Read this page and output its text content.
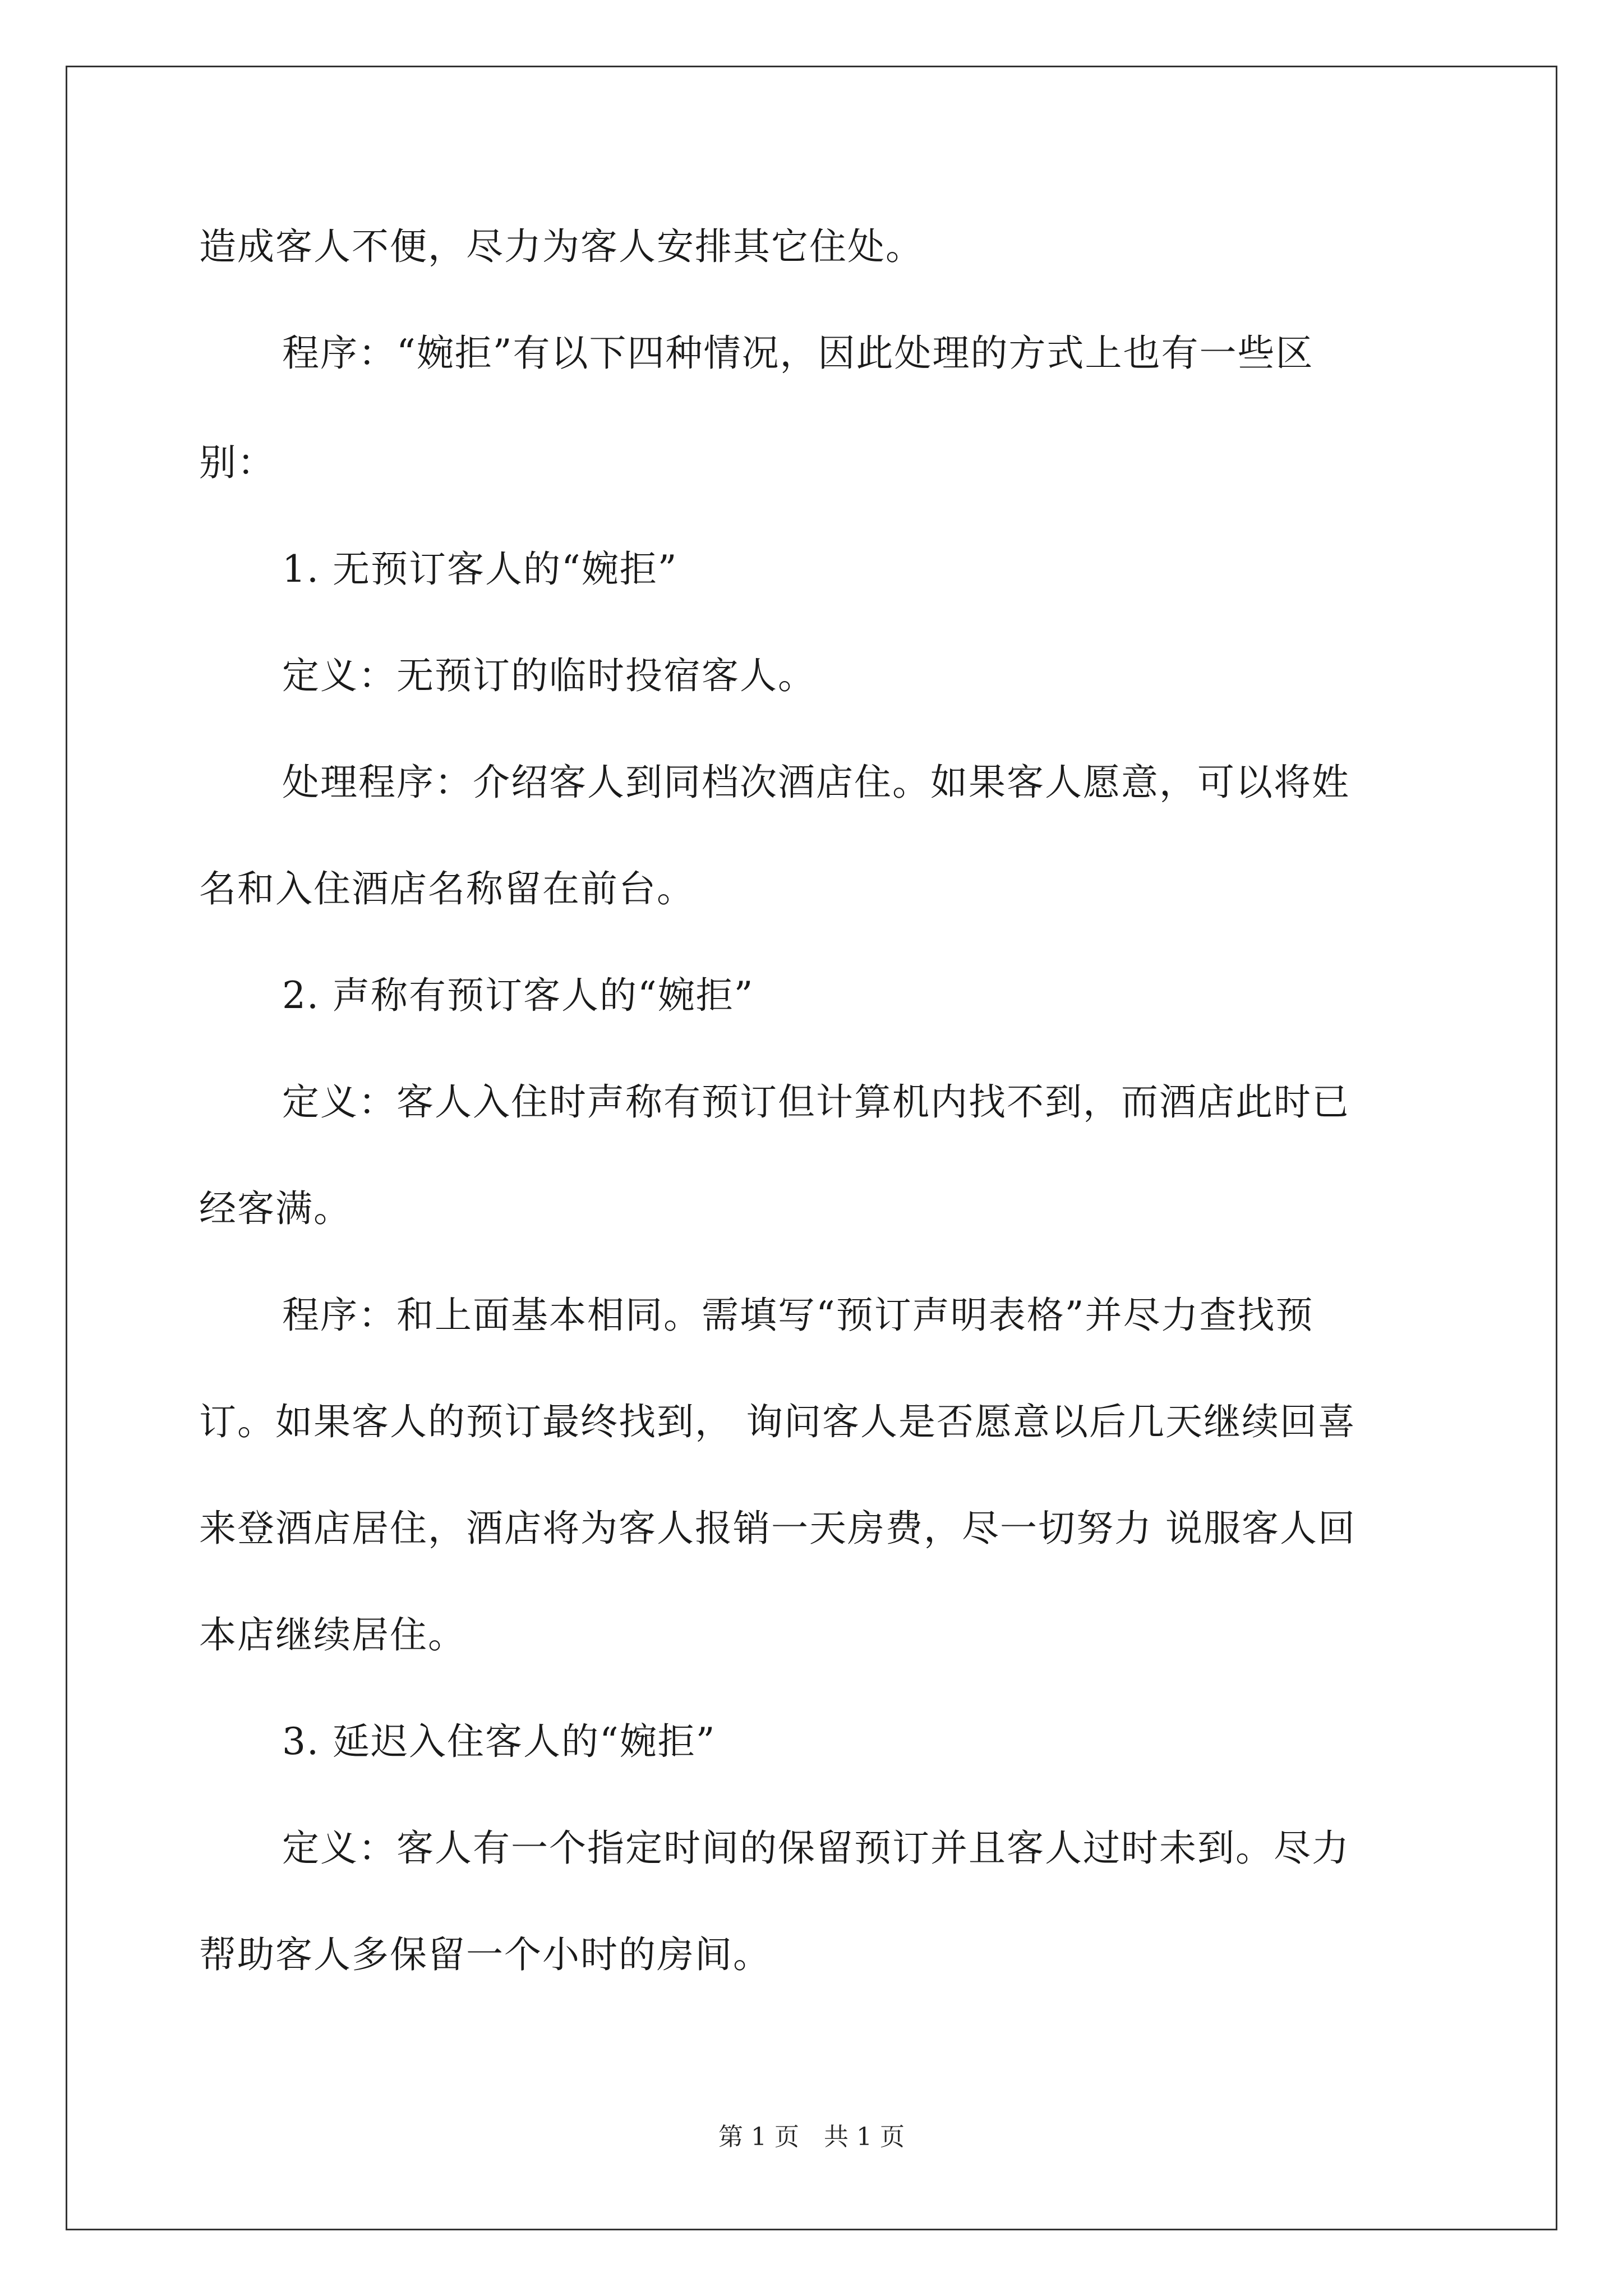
造成客人不便，尽力为客人安排其它住处。
程序：“婉拒”有以下四种情况，因此处理的方式上也有一些区
别：
1. 无预订客人的“婉拒”
定义：无预订的临时投宿客人。
处理程序：介绍客人到同档次酒店住。如果客人愿意，可以将姓
名和入住酒店名称留在前台。
2. 声称有预订客人的“婉拒”
定义：客人入住时声称有预订但计算机内找不到，而酒店此时已
经客满。
程序：和上面基本相同。需填写“预订声明表格”并尽力查找预
订。如果客人的预订最终找到， 询问客人是否愿意以后几天继续回喜
来登酒店居住，酒店将为客人报销一天房费，尽一切努力 说服客人回
本店继续居住。
3. 延迟入住客人的“婉拒”
定义：客人有一个指定时间的保留预订并且客人过时未到。尽力
帮助客人多保留一个小时的房间。
第 1 页　共 1 页
